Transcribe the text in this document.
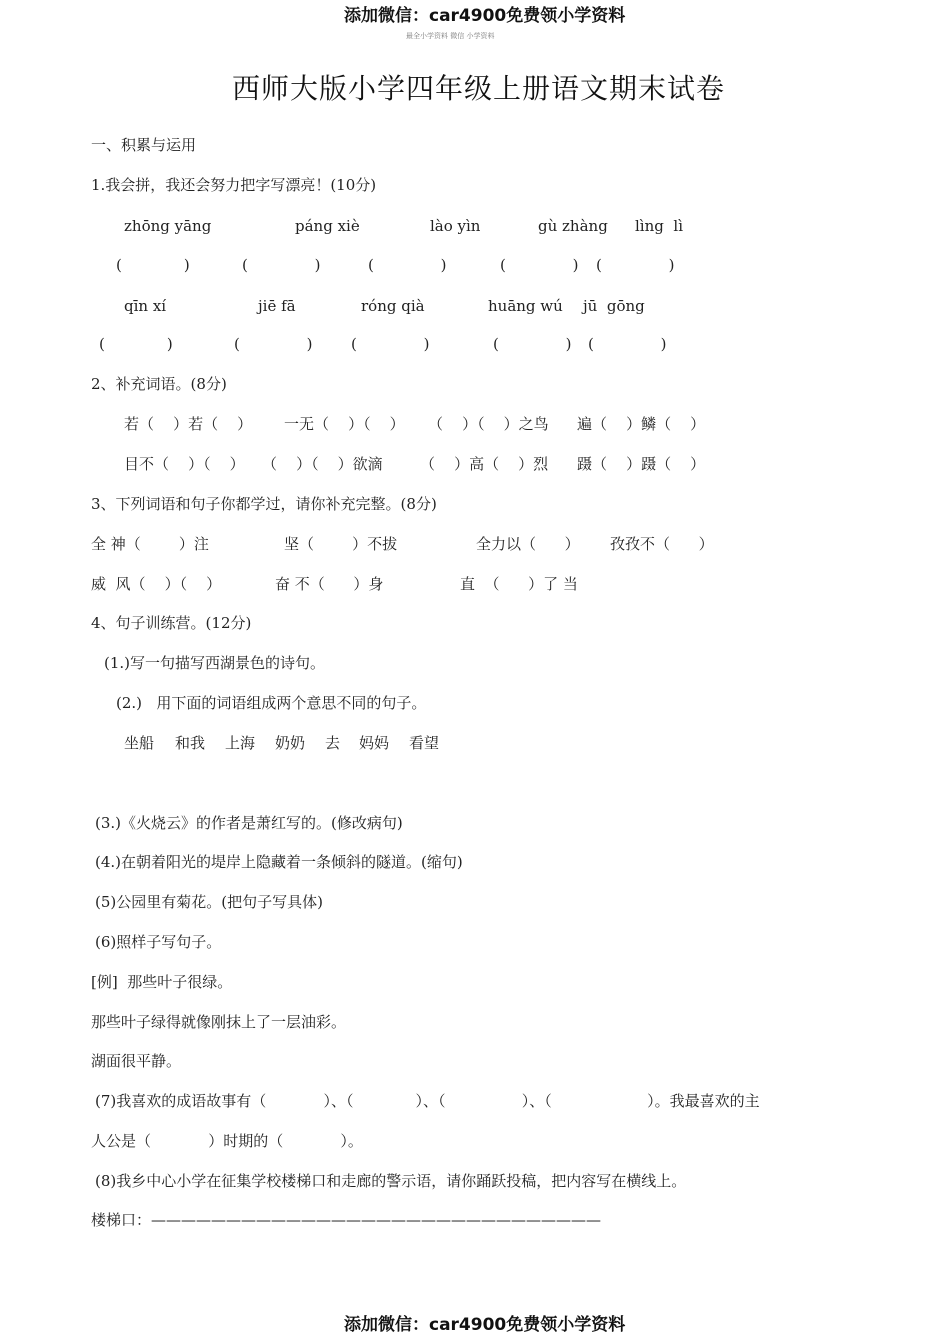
添加微信：car4900免费领小学资料
最全小学资料 微信 小学资料
西师大版小学四年级上册语文期末试卷
一、积累与运用
1.我会拼，我还会努力把字写漂亮！(10分)
zhōng yāng	páng xiè	lào yìn	gù zhàng lìng  lì
(             )	(              )	(              )	(              ) (              )
qīn xí	jiē fā	róng qià	huāng wú jū  gōng
(             )	(              )	(              )	(              ) (              )
2、补充词语。(8分)
若（    ）若（    ） 一无（    ）（    ） （    ）（    ）之鸟 遍（    ）鳞（    ）
目不（    ）（    ） （    ）（    ）欲滴 （    ）高（    ）烈 蹑（    ）蹑（    ）
3、下列词语和句子你都学过，请你补充完整。(8分)
全 神（        ）注	坚（        ）不拔	全力以（      ） 孜孜不（      ）
威  风（    ）（    ）	奋 不（      ）身	直  （      ）了 当
4、句子训练营。(12分)
(1.)写一句描写西湖景色的诗句。
(2.)   用下面的词语组成两个意思不同的句子。
坐船 和我 上海 奶奶 去 妈妈 看望
(3.)《火烧云》的作者是萧红写的。(修改病句)
(4.)在朝着阳光的堤岸上隐藏着一条倾斜的隧道。(缩句)
(5)公园里有菊花。(把句子写具体)
(6)照样子写句子。
[例]  那些叶子很绿。
那些叶子绿得就像刚抹上了一层油彩。
湖面很平静。
(7)我喜欢的成语故事有（            ）、（             ）、（                ）、（                    ）。我最喜欢的主
人公是（            ）时期的（            ）。
(8)我乡中心小学在征集学校楼梯口和走廊的警示语，请你踊跃投稿，把内容写在横线上。
楼梯口：——————————————————————————————
添加微信：car4900免费领小学资料
